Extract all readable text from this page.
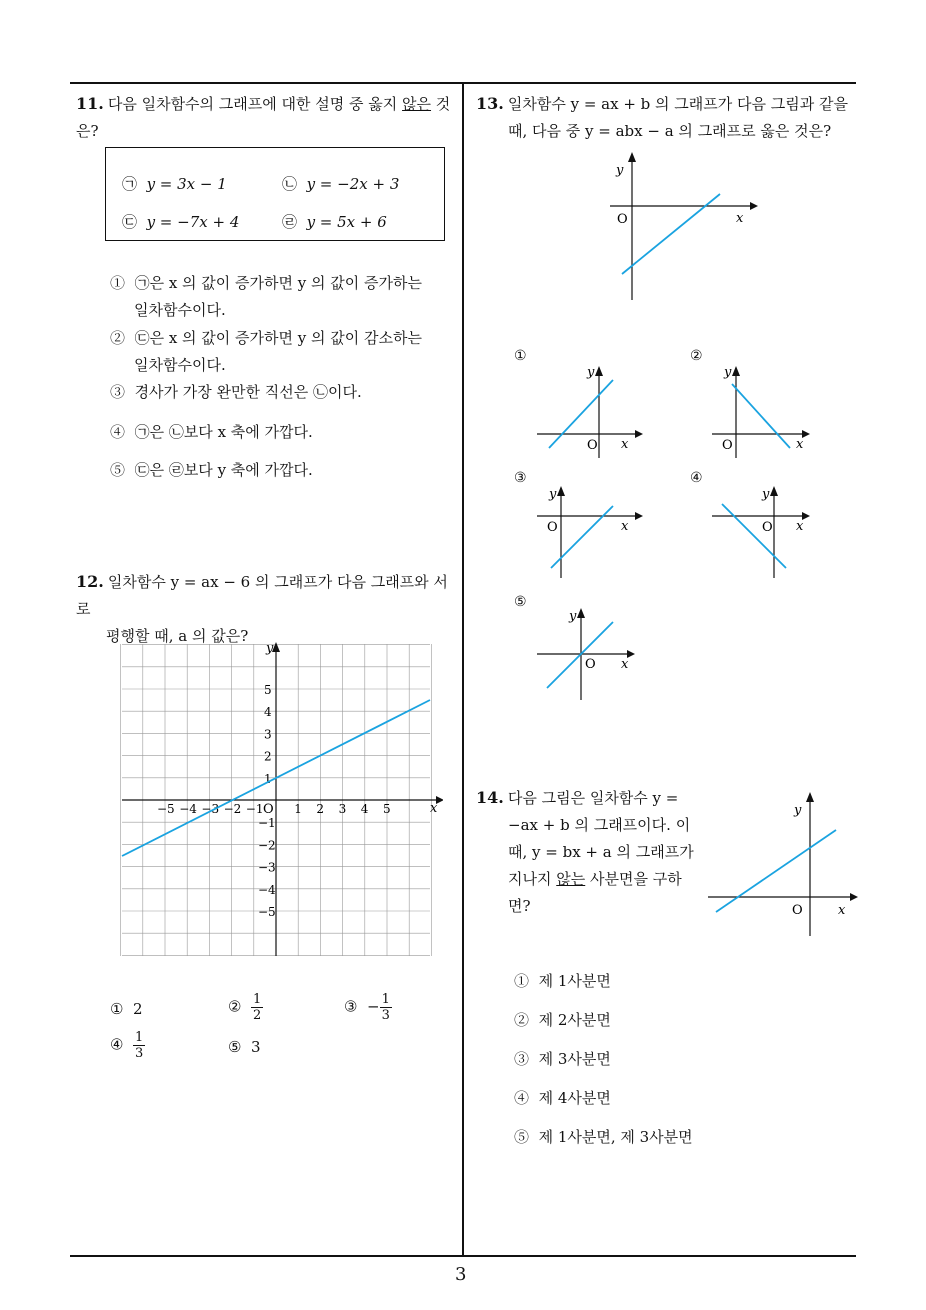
3
11. 다음 일차함수의 그래프에 대한 설명 중 옳지 않은 것은?
㉠ y = 3x − 1	㉡ y = −2x + 3
㉢ y = −7x + 4	㉣ y = 5x + 6
① ㉠은 x 의 값이 증가하면 y 의 값이 증가하는
일차함수이다.
② ㉢은 x 의 값이 증가하면 y 의 값이 감소하는
일차함수이다.
③ 경사가 가장 완만한 직선은 ㉡이다.
④ ㉠은 ㉡보다 x 축에 가깝다.
⑤ ㉢은 ㉣보다 y 축에 가깝다.
12. 일차함수 y = ax − 6 의 그래프가 다음 그래프와 서로
평행할 때, a 의 값은?
x
y
O
−5 −4 −3 −2 −1	1 2 3 4 5
5
4
3
2
1
−1
−2
−3
−4
−5
① 2	② $\frac{1}{2}$	③ − $\frac{1}{3}$
④ $\frac{1}{3}$	⑤ 3
13. 일차함수 y = ax + b 의 그래프가 다음 그림과 같을
때, 다음 중 y = abx − a 의 그래프로 옳은 것은?
x
y
O
①	②
③	④
⑤
x
y
O	x
y
O
x
y
O	x
y
O
x
y
O
14. 다음 그림은 일차함수 y =
−ax + b 의 그래프이다. 이
때, y = bx + a 의 그래프가
지나지 않는 사분면을 구하
면?	x
y
O
① 제 1사분면
② 제 2사분면
③ 제 3사분면
④ 제 4사분면
⑤ 제 1사분면, 제 3사분면
